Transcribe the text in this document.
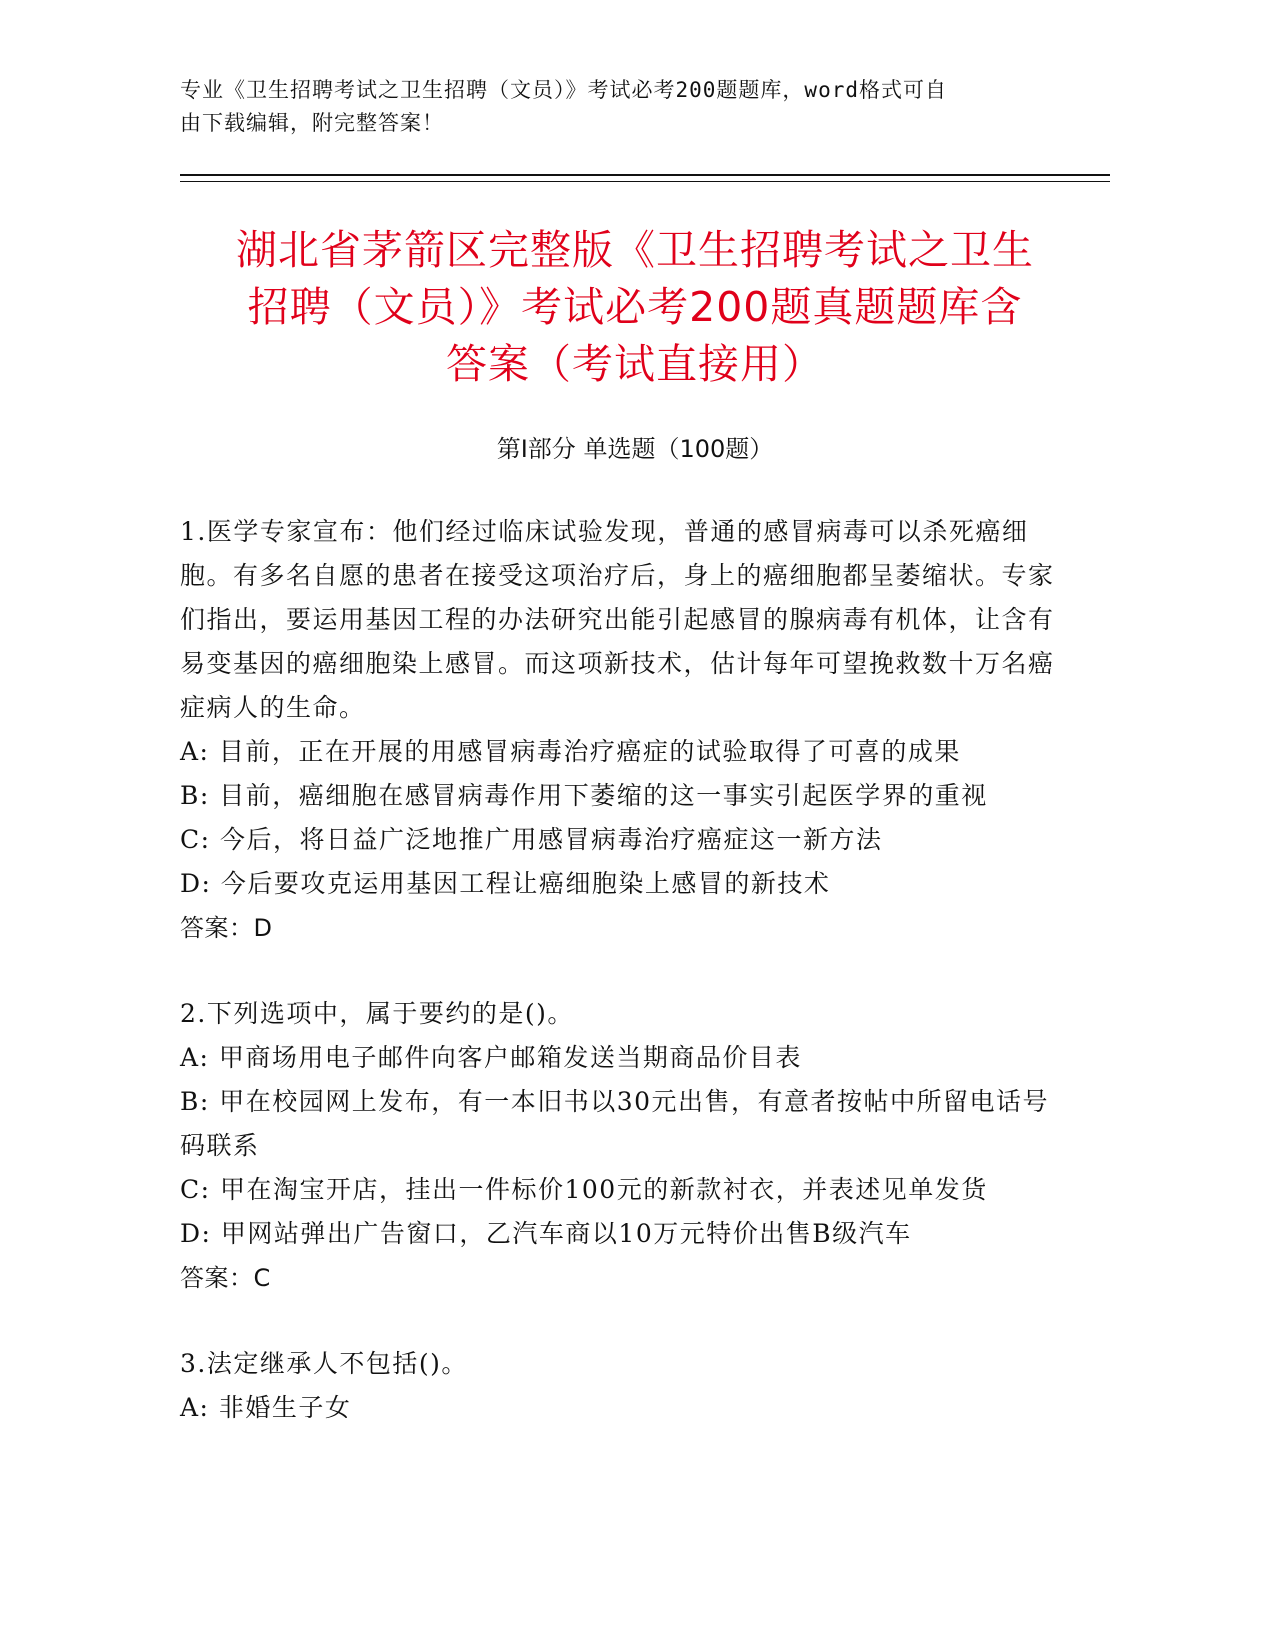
专业《卫生招聘考试之卫生招聘（文员）》考试必考200题题库，word格式可自
由下载编辑，附完整答案！
湖北省茅箭区完整版《卫生招聘考试之卫生
招聘（文员）》考试必考200题真题题库含
答案（考试直接用）
第Ⅰ部分 单选题（100题）

1.医学专家宣布：他们经过临床试验发现，普通的感冒病毒可以杀死癌细胞。有多名自愿的患者在接受这项治疗后，身上的癌细胞都呈萎缩状。专家们指出，要运用基因工程的办法研究出能引起感冒的腺病毒有机体，让含有易变基因的癌细胞染上感冒。而这项新技术，估计每年可望挽救数十万名癌症病人的生命。

A: 目前，正在开展的用感冒病毒治疗癌症的试验取得了可喜的成果

B: 目前，癌细胞在感冒病毒作用下萎缩的这一事实引起医学界的重视

C: 今后，将日益广泛地推广用感冒病毒治疗癌症这一新方法

D: 今后要攻克运用基因工程让癌细胞染上感冒的新技术

答案：D

2.下列选项中，属于要约的是()。

A: 甲商场用电子邮件向客户邮箱发送当期商品价目表

B: 甲在校园网上发布，有一本旧书以30元出售，有意者按帖中所留电话号码联系

C: 甲在淘宝开店，挂出一件标价100元的新款衬衣，并表述见单发货

D: 甲网站弹出广告窗口，乙汽车商以10万元特价出售B级汽车

答案：C

3.法定继承人不包括()。

A: 非婚生子女
